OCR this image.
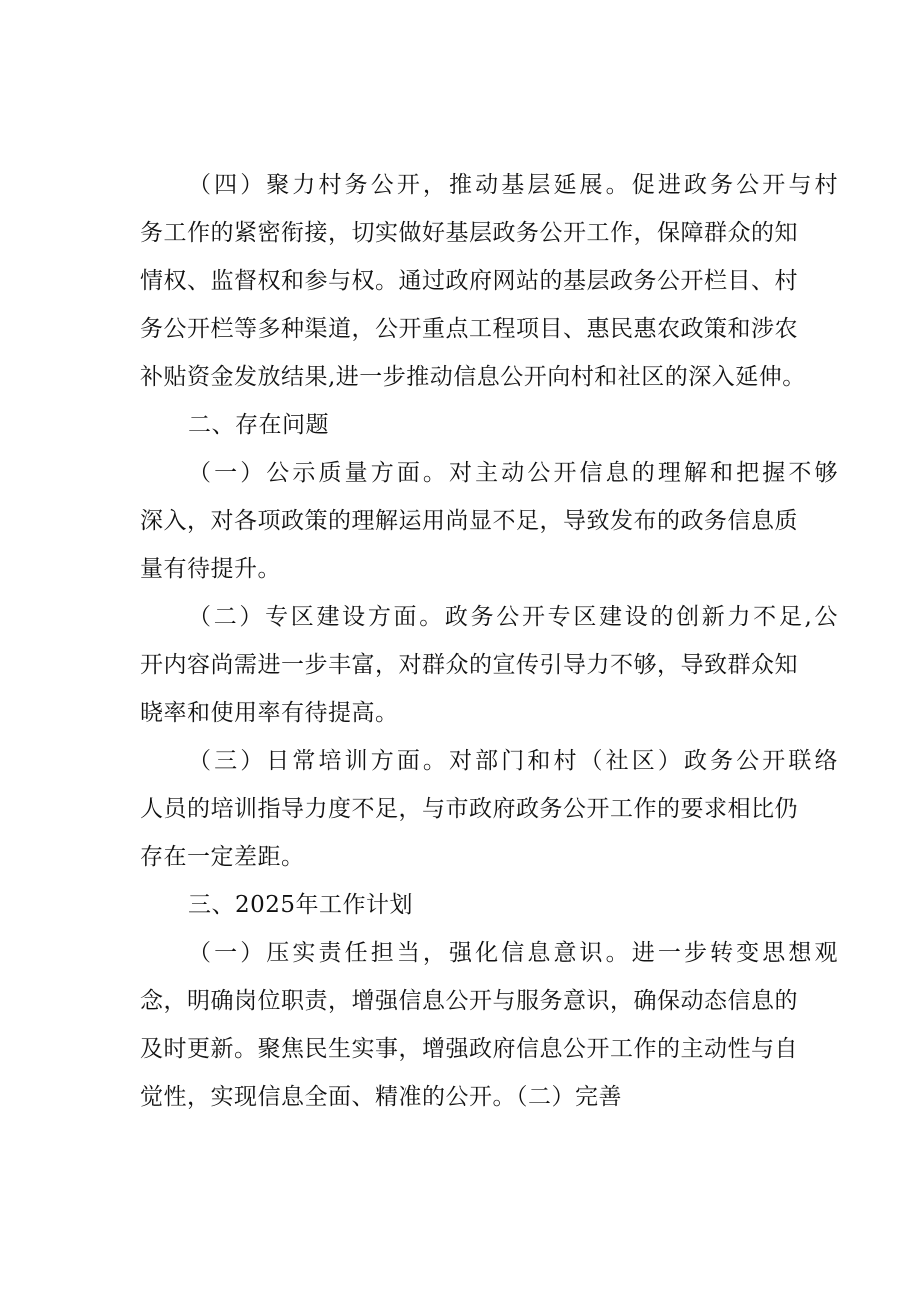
（四）聚力村务公开，推动基层延展。促进政务公开与村
务工作的紧密衔接，切实做好基层政务公开工作，保障群众的知
情权、监督权和参与权。通过政府网站的基层政务公开栏目、村
务公开栏等多种渠道，公开重点工程项目、惠民惠农政策和涉农
补贴资金发放结果,进一步推动信息公开向村和社区的深入延伸。
二、存在问题
（一）公示质量方面。对主动公开信息的理解和把握不够
深入，对各项政策的理解运用尚显不足，导致发布的政务信息质
量有待提升。
（二）专区建设方面。政务公开专区建设的创新力不足,公
开内容尚需进一步丰富，对群众的宣传引导力不够，导致群众知
晓率和使用率有待提高。
（三）日常培训方面。对部门和村（社区）政务公开联络
人员的培训指导力度不足，与市政府政务公开工作的要求相比仍
存在一定差距。
三、2025年工作计划
（一）压实责任担当，强化信息意识。进一步转变思想观
念，明确岗位职责，增强信息公开与服务意识，确保动态信息的
及时更新。聚焦民生实事，增强政府信息公开工作的主动性与自
觉性，实现信息全面、精准的公开。（二）完善
